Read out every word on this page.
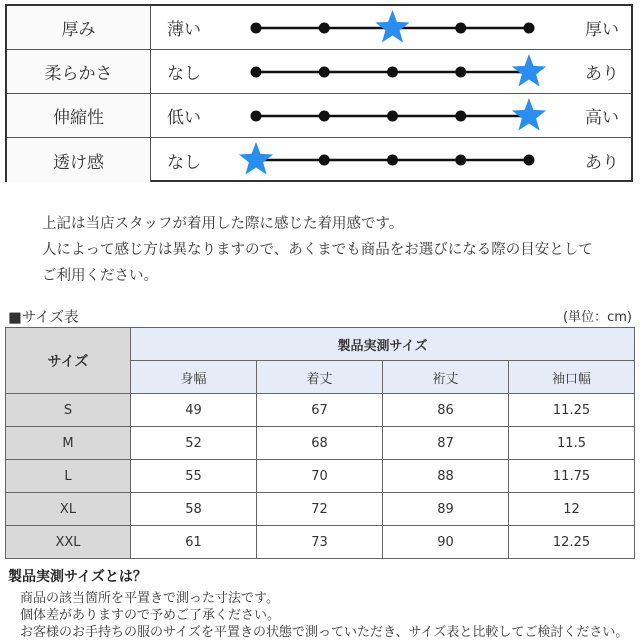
厚み	薄い	厚い
柔らかさ	なし	あり
伸縮性	低い	高い
透け感	なし	あり
上記は当店スタッフが着用した際に感じた着用感です。
人によって感じ方は異なりますので、あくまでも商品をお選びになる際の目安として
ご利用ください。
■サイズ表	(単位：cm)
サイズ	製品実測サイズ			
	身幅	着丈	裄丈	袖口幅
S	49	67	86	11.25
M	52	68	87	11.5
L	55	70	88	11.75
XL	58	72	89	12
XXL	61	73	90	12.25
製品実測サイズとは？
商品の該当箇所を平置きで測った寸法です。
個体差がありますので予めご了承ください。
お客様のお手持ちの服のサイズを平置きの状態で測っていただき、サイズ表と比較してご検討ください。
